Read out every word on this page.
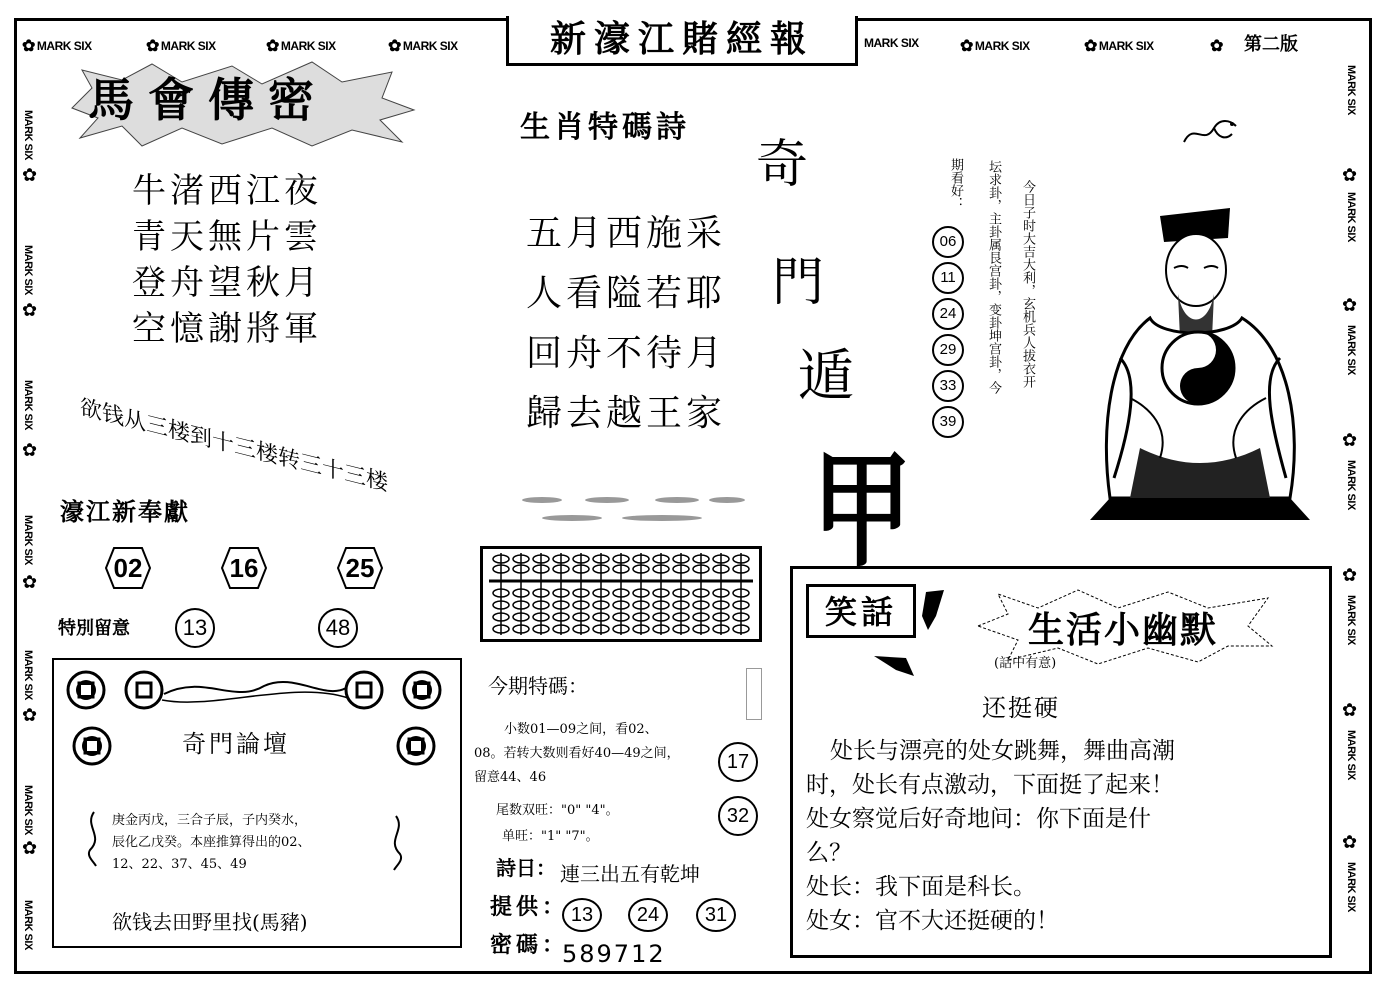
✿ MARK SIX	✿ MARK SIX	✿ MARK SIX	✿ MARK SIX	MARK SIX	✿ MARK SIX	✿ MARK SIX	✿
新濠江賭經報	第二版
MARK SIX
✿
MARK SIX
✿
MARK SIX
✿
MARK SIX
✿
MARK SIX
✿
MARK SIX
✿
MARK SIX
MARK SIX
✿
MARK SIX
✿
MARK SIX
✿
MARK SIX
✿
MARK SIX
✿
MARK SIX
✿
MARK SIX
馬會傳密
牛渚西江夜
青天無片雲
登舟望秋月
空憶謝將軍
欲钱从三楼到十三楼转三十三楼
濠江新奉獻
02	16	25
特別留意	13	48
奇門論壇
庚金丙戊，三合子辰，子内癸水，
辰化乙戊癸。本座推算得出的02、
12、22、37、45、49
欲钱去田野里找(馬豬)
生肖特碼詩
五月西施采
人看隘若耶
回舟不待月
歸去越王家
奇
門
遁
甲
今期特碼：
小数01—09之间，看02、
08。若转大数则看好40—49之间，
留意44、46
17
32
尾数双旺："0" "4"。
单旺："1" "7"。
詩日： 連三出五有乾坤
提供： 13	24	31
密碼：
589712
今日子时大吉大利，玄机兵人拔衣开
坛求卦，主卦属艮宫卦，变卦坤宫卦，今
期看好：
06
11
24
29
33
39
笑話	生活小幽默
(話中有意)
还挺硬
处长与漂亮的处女跳舞，舞曲高潮
时，处长有点激动，下面挺了起来！
处女察觉后好奇地问：你下面是什
么？
处长：我下面是科长。
处女：官不大还挺硬的！
